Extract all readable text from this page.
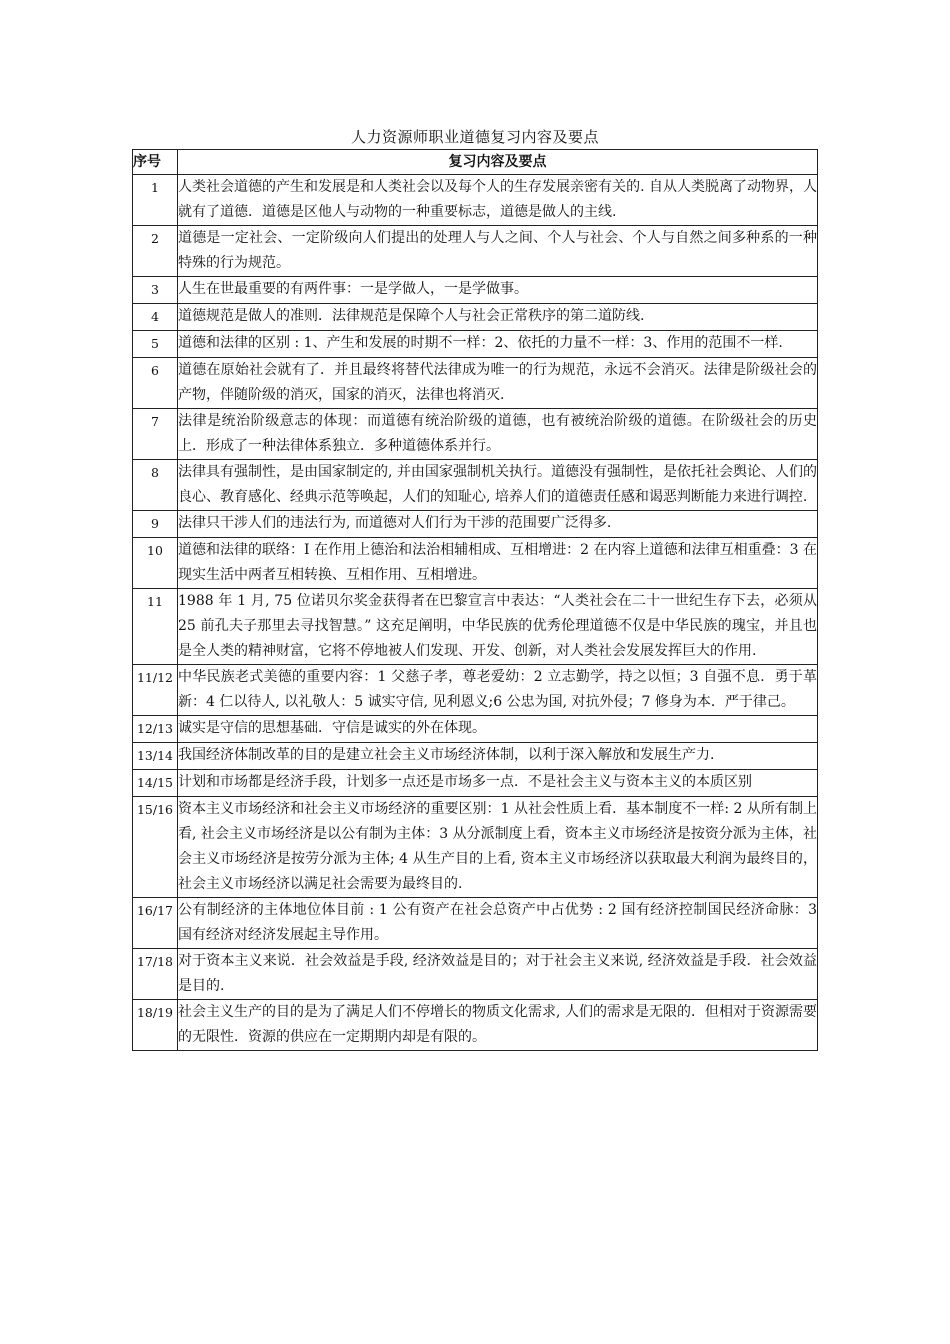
人力资源师职业道德复习内容及要点
序号	复习内容及要点
1	人类社会道德的产生和发展是和人类社会以及每个人的生存发展亲密有关的. 自从人类脱离了动物界，人就有了道德．道德是区他人与动物的一种重要标志，道德是做人的主线.
2	道德是一定社会、一定阶级向人们提出的处理人与人之间、个人与社会、个人与自然之间多种系的一种特殊的行为规范。
3	人生在世最重要的有两件事：一是学做人，一是学做事。
4	道德规范是做人的准则．法律规范是保障个人与社会正常秩序的第二道防线.
5	道德和法律的区别 : 1、产生和发展的时期不一样：2、依托的力量不一样：3、作用的范围不一样.
6	道德在原始社会就有了．并且最终将替代法律成为唯一的行为规范，永远不会消灭。法律是阶级社会的产物，伴随阶级的消灭，国家的消灭，法律也将消灭.
7	法律是统治阶级意志的体现：而道德有统治阶级的道德，也有被统治阶级的道德。在阶级社会的历史上．形成了一种法律体系独立．多种道德体系并行。
8	法律具有强制性，是由国家制定的, 并由国家强制机关执行。道德没有强制性，是依托社会舆论、人们的良心、教育感化、经典示范等唤起，人们的知耻心, 培养人们的道德责任感和谒恶判断能力来进行调控.
9	法律只干涉人们的违法行为, 而道德对人们行为干涉的范围要广泛得多.
10	道德和法律的联络：I 在作用上德治和法治相辅相成、互相增进：2 在内容上道德和法律互相重叠：3 在现实生活中两者互相转换、互相作用、互相增进。
11	1988 年 1 月, 75 位诺贝尔奖金获得者在巴黎宣言中表达：“人类社会在二十一世纪生存下去，必须从 25 前孔夫子那里去寻找智慧。” 这充足阐明，中华民族的优秀伦理道德不仅是中华民族的瑰宝，并且也是全人类的精神财富，它将不停地被人们发现、开发、创新，对人类社会发展发挥巨大的作用.
11/12	中华民族老式美德的重要内容：1 父慈子孝，尊老爱幼：2 立志勤学，持之以恒；3 自强不息．勇于革新：4 仁以待人, 以礼敬人：5 诚实守信, 见利恩义;6 公忠为国, 对抗外侵；7 修身为本．严于律己。
12/13	诚实是守信的思想基础．守信是诚实的外在体现。
13/14	我国经济体制改革的目的是建立社会主义市场经济体制，以利于深入解放和发展生产力.
14/15	计划和市场都是经济手段，计划多一点还是市场多一点．不是社会主义与资本主义的本质区别
15/16	资本主义市场经济和社会主义市场经济的重要区别：1 从社会性质上看．基本制度不一样: 2 从所有制上看, 社会主义市场经济是以公有制为主体：3 从分派制度上看，资本主义市场经济是按资分派为主体，社会主义市场经济是按劳分派为主体; 4 从生产目的上看, 资本主义市场经济以获取最大利润为最终目的，社会主义市场经济以满足社会需要为最终目的.
16/17	公有制经济的主体地位体目前 : 1 公有资产在社会总资产中占优势 : 2 国有经济控制国民经济命脉：3 国有经济对经济发展起主导作用。
17/18	对于资本主义来说．社会效益是手段, 经济效益是目的；对于社会主义来说, 经济效益是手段．社会效益是目的.
18/19	社会主义生产的目的是为了满足人们不停增长的物质文化需求, 人们的需求是无限的．但相对于资源需要的无限性．资源的供应在一定期期内却是有限的。
